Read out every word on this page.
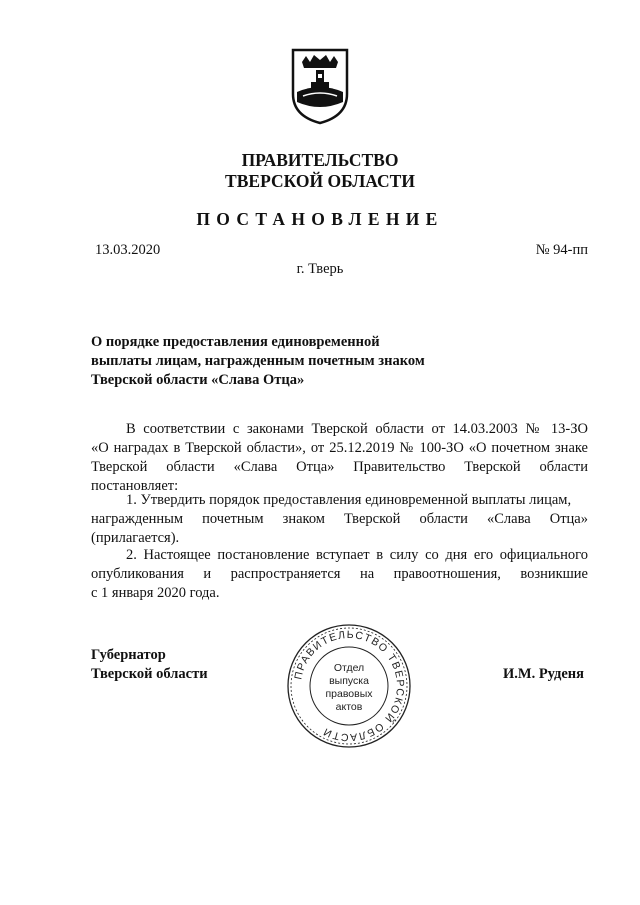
ПРАВИТЕЛЬСТВО
ТВЕРСКОЙ ОБЛАСТИ
ПОСТАНОВЛЕНИЕ
13.03.2020	№ 94-пп
г. Тверь
О порядке предоставления единовременной
выплаты лицам, награжденным почетным знаком
Тверской области «Слава Отца»
В соответствии с законами Тверской области от 14.03.2003 № 13-ЗО
«О наградах в Тверской области», от 25.12.2019 № 100-ЗО «О почетном знаке
Тверской области «Слава Отца» Правительство Тверской области
постановляет:
1. Утвердить порядок предоставления единовременной выплаты лицам,
награжденным почетным знаком Тверской области «Слава Отца»
(прилагается).
2. Настоящее постановление вступает в силу со дня его официального
опубликования и распространяется на правоотношения, возникшие
с 1 января 2020 года.
Губернатор
Тверской области	И.М. Руденя
ПРАВИТЕЛЬСТВО ТВЕРСКОЙ ОБЛАСТИ
Отдел
выпуска
правовых
актов
